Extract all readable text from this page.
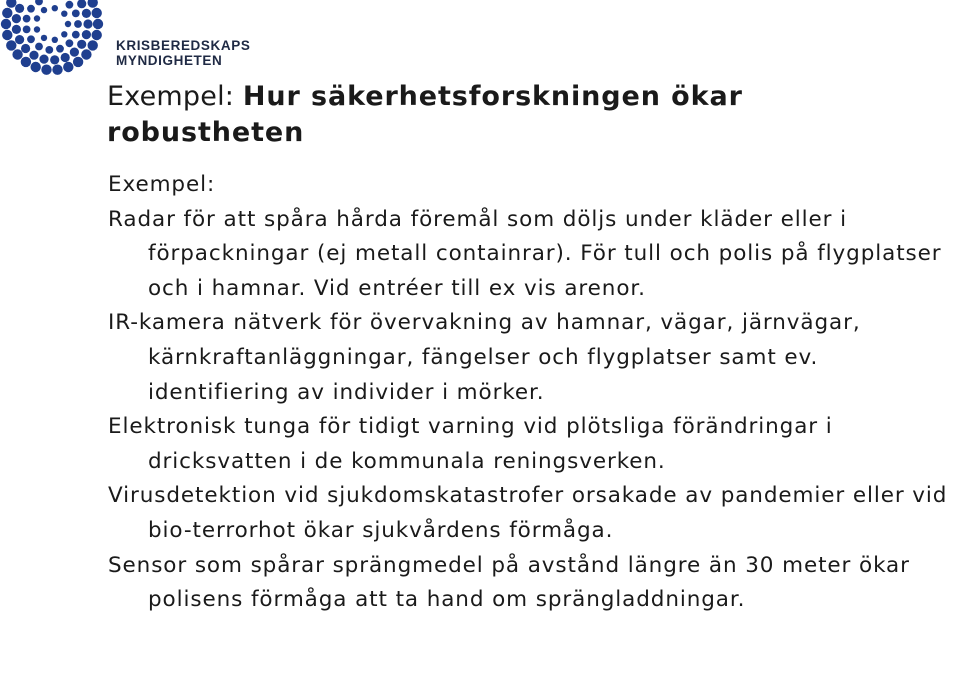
KRISBEREDSKAPS
MYNDIGHETEN
Exempel: Hur säkerhetsforskningen ökar robustheten

Exempel:

Radar för att spåra hårda föremål som döljs under kläder eller i förpackningar (ej metall containrar). För tull och polis på flygplatser och i hamnar. Vid entréer till ex vis arenor.

IR-kamera nätverk för övervakning av hamnar, vägar, järnvägar, kärnkraftanläggningar, fängelser och flygplatser samt ev. identifiering av individer i mörker.

Elektronisk tunga för tidigt varning vid plötsliga förändringar i dricksvatten i de kommunala reningsverken.

Virusdetektion vid sjukdomskatastrofer orsakade av pandemier eller vid bio-terrorhot ökar sjukvårdens förmåga.

Sensor som spårar sprängmedel på avstånd längre än 30 meter ökar polisens förmåga att ta hand om sprängladdningar.
